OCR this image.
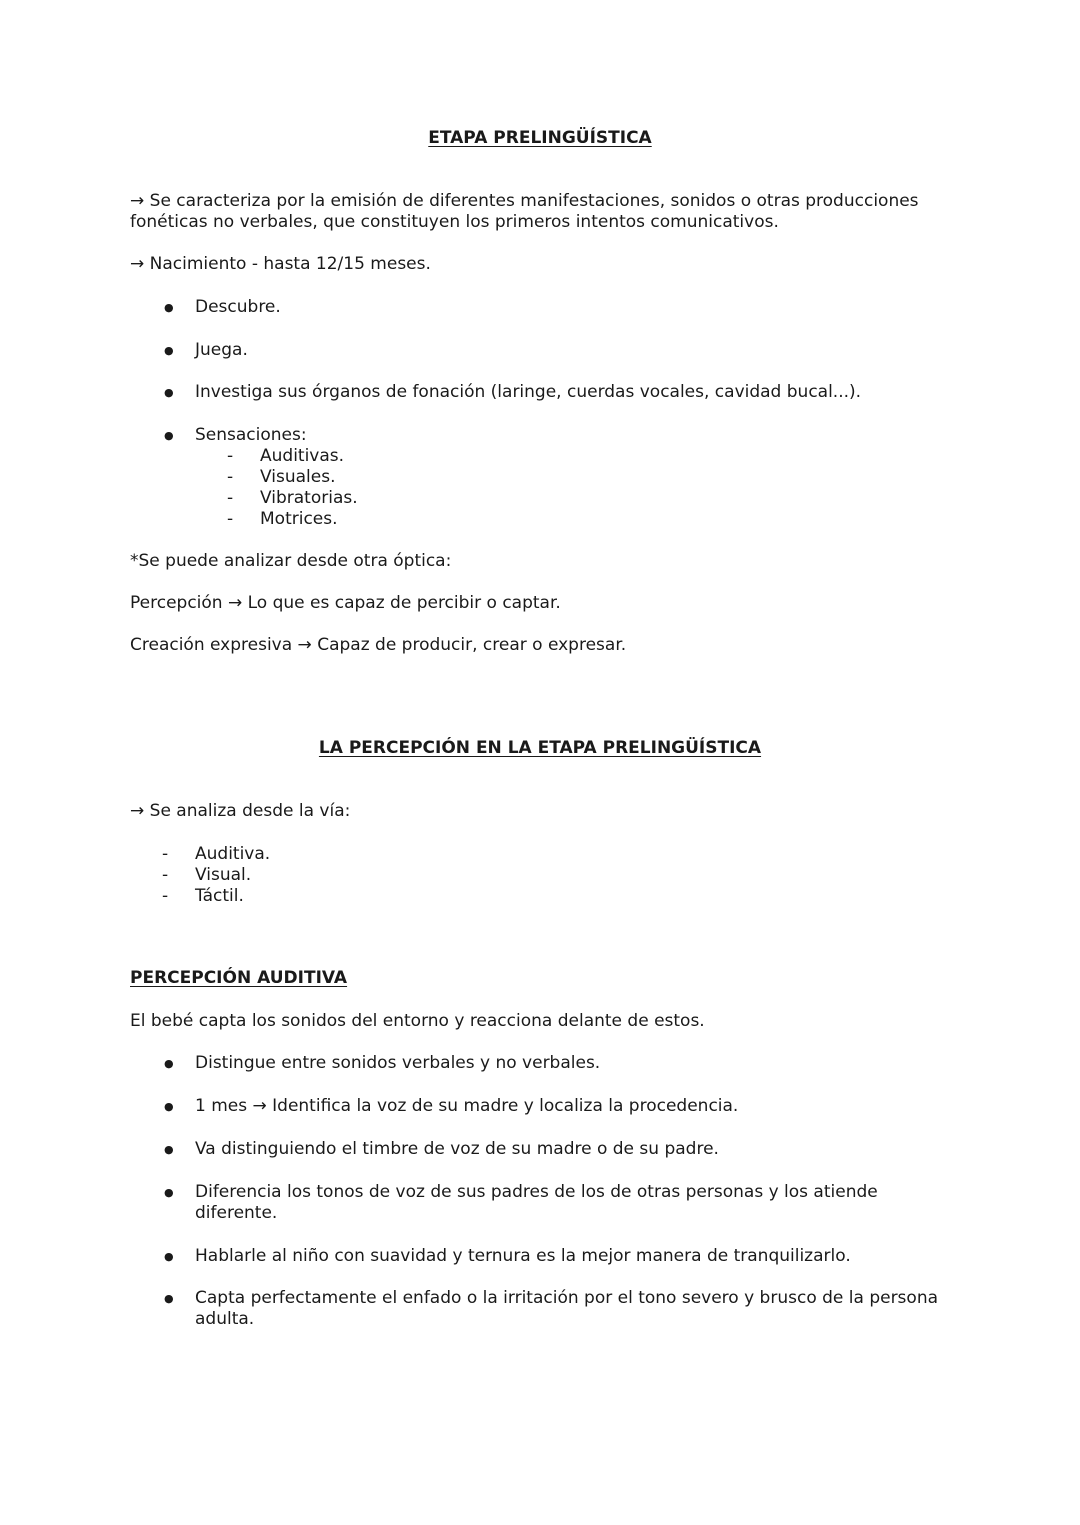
ETAPA PRELINGÜÍSTICA
→ Se caracteriza por la emisión de diferentes manifestaciones, sonidos o otras producciones fonéticas no verbales, que constituyen los primeros intentos comunicativos.
→ Nacimiento - hasta 12/15 meses.
● Descubre.
● Juega.
● Investiga sus órganos de fonación (laringe, cuerdas vocales, cavidad bucal...).
● Sensaciones:
- Auditivas.
- Visuales.
- Vibratorias.
- Motrices.
*Se puede analizar desde otra óptica:
Percepción → Lo que es capaz de percibir o captar.
Creación expresiva → Capaz de producir, crear o expresar.
LA PERCEPCIÓN EN LA ETAPA PRELINGÜÍSTICA
→ Se analiza desde la vía:
- Auditiva.
- Visual.
- Táctil.
PERCEPCIÓN AUDITIVA
El bebé capta los sonidos del entorno y reacciona delante de estos.
● Distingue entre sonidos verbales y no verbales.
● 1 mes → Identifica la voz de su madre y localiza la procedencia.
● Va distinguiendo el timbre de voz de su madre o de su padre.
● Diferencia los tonos de voz de sus padres de los de otras personas y los atiende diferente.
● Hablarle al niño con suavidad y ternura es la mejor manera de tranquilizarlo.
● Capta perfectamente el enfado o la irritación por el tono severo y brusco de la persona adulta.
